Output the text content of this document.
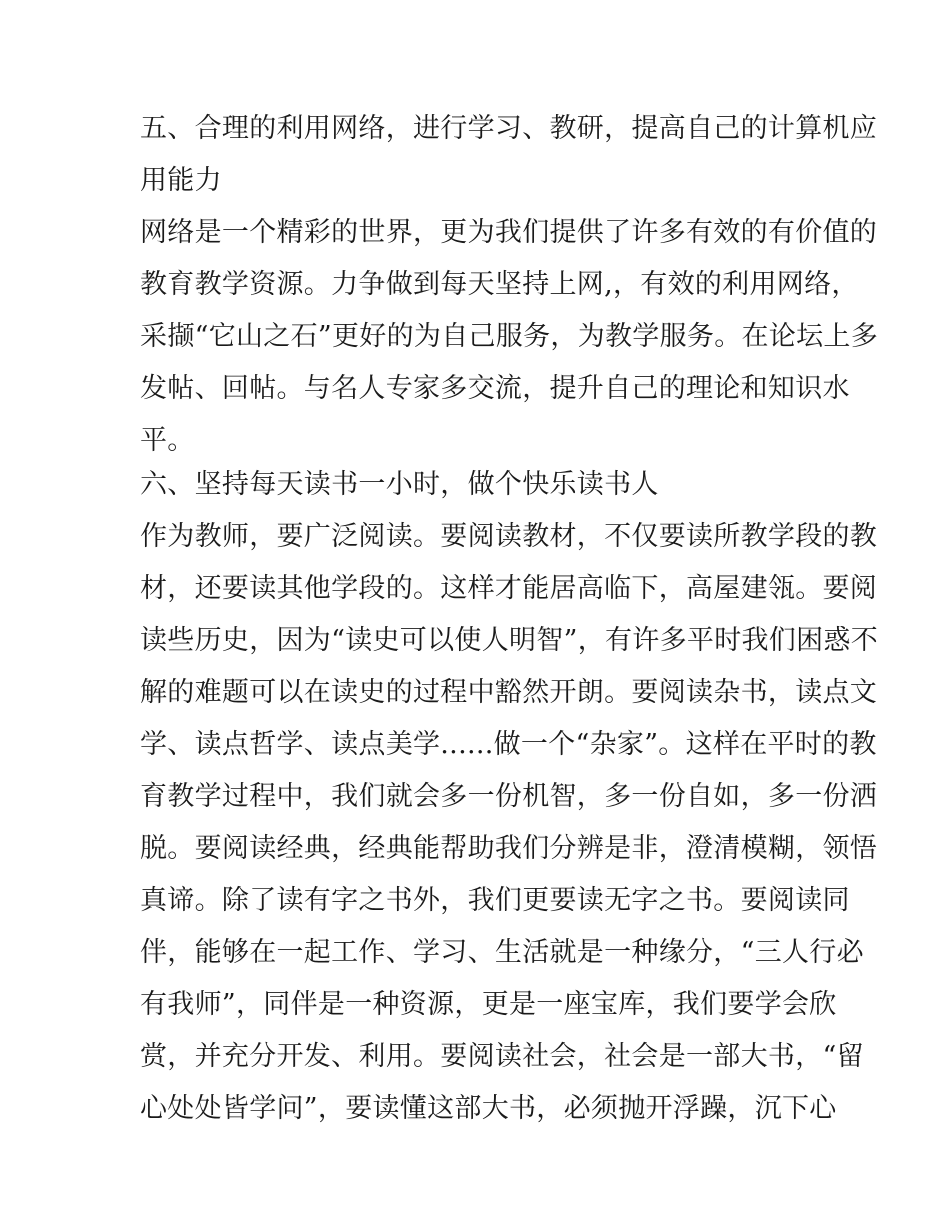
五、合理的利用网络，进行学习、教研，提高自己的计算机应
用能力
网络是一个精彩的世界，更为我们提供了许多有效的有价值的
教育教学资源。力争做到每天坚持上网,，有效的利用网络，
采撷“它山之石”更好的为自己服务，为教学服务。在论坛上多
发帖、回帖。与名人专家多交流，提升自己的理论和知识水
平。
六、坚持每天读书一小时，做个快乐读书人
作为教师，要广泛阅读。要阅读教材，不仅要读所教学段的教
材，还要读其他学段的。这样才能居高临下，高屋建瓴。要阅
读些历史，因为“读史可以使人明智”，有许多平时我们困惑不
解的难题可以在读史的过程中豁然开朗。要阅读杂书，读点文
学、读点哲学、读点美学......做一个“杂家”。这样在平时的教
育教学过程中，我们就会多一份机智，多一份自如，多一份洒
脱。要阅读经典，经典能帮助我们分辨是非，澄清模糊，领悟
真谛。除了读有字之书外，我们更要读无字之书。要阅读同
伴，能够在一起工作、学习、生活就是一种缘分，“三人行必
有我师”，同伴是一种资源，更是一座宝库，我们要学会欣
赏，并充分开发、利用。要阅读社会，社会是一部大书，“留
心处处皆学问”，要读懂这部大书，必须抛开浮躁，沉下心
